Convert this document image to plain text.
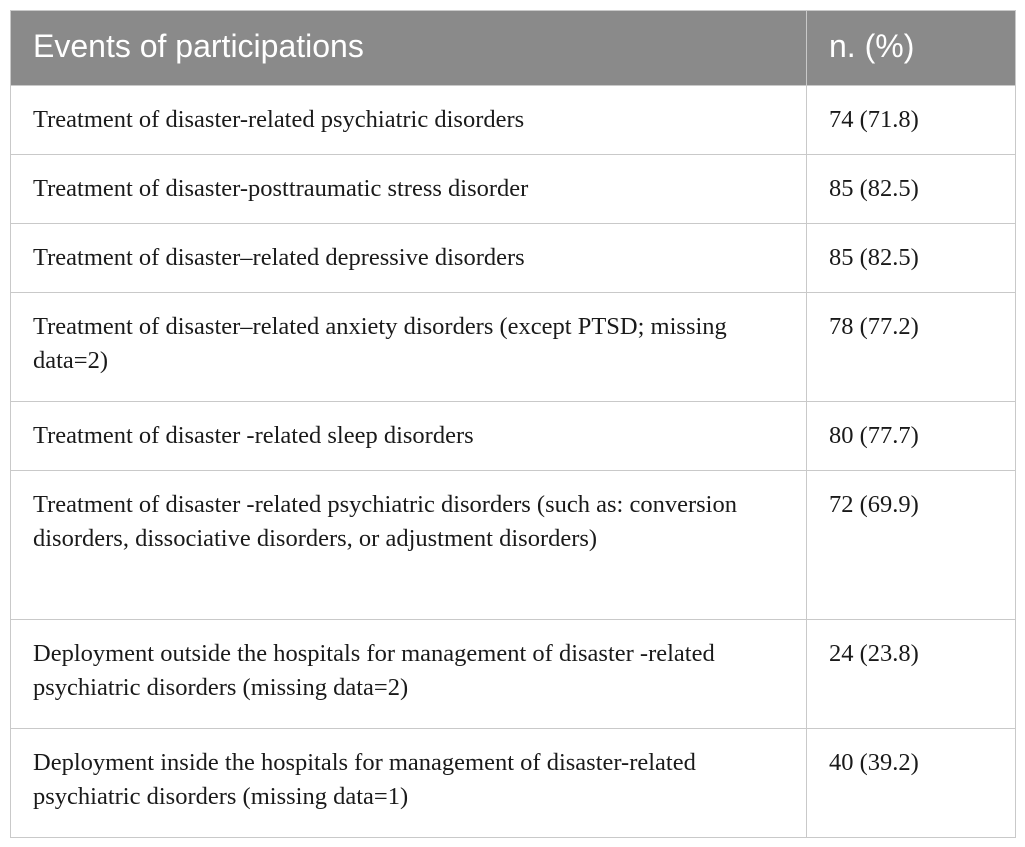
Events of participations	n. (%)
Treatment of disaster-related psychiatric disorders	74 (71.8)
Treatment of disaster-posttraumatic stress disorder	85 (82.5)
Treatment of disaster–related depressive disorders	85 (82.5)
Treatment of disaster–related anxiety disorders (except PTSD; missing data=2)	78 (77.2)
Treatment of disaster -related sleep disorders	80 (77.7)
Treatment of disaster -related psychiatric disorders (such as: conversion disorders, dissociative disorders, or adjustment disorders)	72 (69.9)
Deployment outside the hospitals for management of disaster -related psychiatric disorders (missing data=2)	24 (23.8)
Deployment inside the hospitals for management of disaster-related psychiatric disorders (missing data=1)	40 (39.2)
